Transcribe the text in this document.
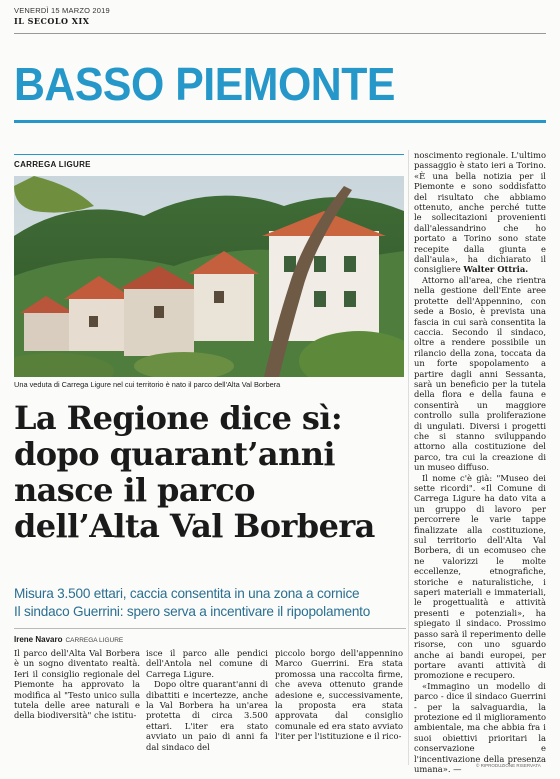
VENERDÌ 15 MARZO 2019
IL SECOLO XIX
BASSO PIEMONTE
CARREGA LIGURE
Una veduta di Carrega Ligure nel cui territorio è nato il parco dell'Alta Val Borbera
La Regione dice sì:
dopo quarant’anni
nasce il parco
dell’Alta Val Borbera
Misura 3.500 ettari, caccia consentita in una zona a cornice
Il sindaco Guerrini: spero serva a incentivare il ripopolamento
Irene Navaro CARREGA LIGURE

Il parco dell'Alta Val Borbera è un sogno diventato realtà. Ieri il consiglio regionale del Piemonte ha approvato la modifica al "Testo unico sulla tutela delle aree naturali e della biodiversità" che istitu-

isce il parco alle pendici dell'Antola nel comune di Carrega Ligure.

Dopo oltre quarant'anni di dibattiti e incertezze, anche la Val Borbera ha un'area protetta di circa 3.500 ettari. L'iter era stato avviato un paio di anni fa dal sindaco del

piccolo borgo dell'appennino Marco Guerrini. Era stata promossa una raccolta firme, che aveva ottenuto grande adesione e, successivamente, la proposta era stata approvata dal consiglio comunale ed era stato avviato l'iter per l'istituzione e il rico-

noscimento regionale. L'ultimo passaggio è stato ieri a Torino. «È una bella notizia per il Piemonte e sono soddisfatto del risultato che abbiamo ottenuto, anche perché tutte le sollecitazioni provenienti dall'alessandrino che ho portato a Torino sono state recepite dalla giunta e dall'aula», ha dichiarato il consigliere Walter Ottria.

Attorno all'area, che rientra nella gestione dell'Ente aree protette dell'Appennino, con sede a Bosio, è prevista una fascia in cui sarà consentita la caccia. Secondo il sindaco, oltre a rendere possibile un rilancio della zona, toccata da un forte spopolamento a partire dagli anni Sessanta, sarà un beneficio per la tutela della flora e della fauna e consentirà un maggiore controllo sulla proliferazione di ungulati. Diversi i progetti che si stanno sviluppando attorno alla costituzione del parco, tra cui la creazione di un museo diffuso.

Il nome c'è già: "Museo dei sette ricordi". «Il Comune di Carrega Ligure ha dato vita a un gruppo di lavoro per percorrere le varie tappe finalizzate alla costituzione, sul territorio dell'Alta Val Borbera, di un ecomuseo che ne valorizzi le molte eccellenze, etnografiche, storiche e naturalistiche, i saperi materiali e immateriali, le progettualità e attività presenti e potenziali», ha spiegato il sindaco. Prossimo passo sarà il reperimento delle risorse, con uno sguardo anche ai bandi europei, per portare avanti attività di promozione e recupero.

«Immagino un modello di parco - dice il sindaco Guerrini - per la salvaguardia, la protezione ed il miglioramento ambientale, ma che abbia fra i suoi obiettivi prioritari la conservazione e l'incentivazione della presenza umana». —	© RIPRODUZIONE RISERVATA
